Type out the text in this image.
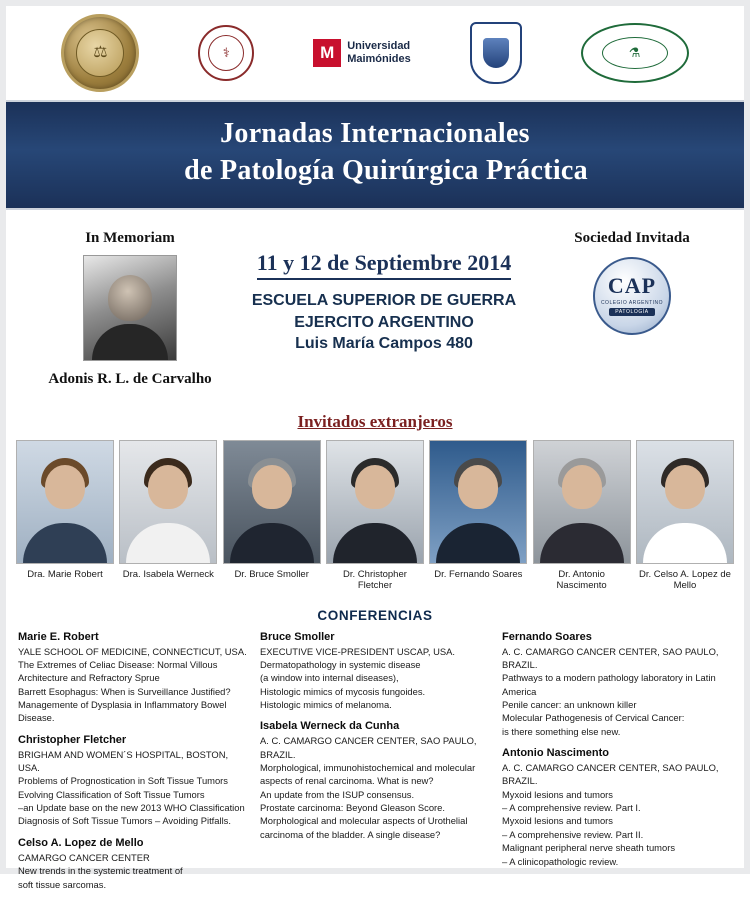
⚖	⚕	M	Universidad
Maimónides	⚗
Jornadas Internacionales
de Patología Quirúrgica Práctica
In Memoriam
Adonis R. L. de Carvalho
11 y 12 de Septiembre 2014
ESCUELA SUPERIOR DE GUERRA
EJERCITO ARGENTINO
Luis María Campos 480
Sociedad Invitada
CAP
COLEGIO ARGENTINO
PATOLOGÍA
Invitados extranjeros
Dra. Marie Robert	Dra. Isabela Werneck	Dr. Bruce Smoller	Dr. Christopher Fletcher
Dr. Fernando Soares	Dr. Antonio Nascimento
Dr. Celso A. Lopez de Mello
CONFERENCIAS
Marie E. Robert
YALE SCHOOL OF MEDICINE, CONNECTICUT, USA.
The Extremes of Celiac Disease: Normal Villous
Architecture and Refractory Sprue
Barrett Esophagus: When is Surveillance Justified?
Managemente of Dysplasia in Inflammatory Bowel Disease.
Christopher Fletcher
BRIGHAM AND WOMEN´S HOSPITAL, BOSTON, USA.
Problems of Prognostication in Soft Tissue Tumors
Evolving Classification of Soft Tissue Tumors
–an Update base on the new 2013 WHO Classification
Diagnosis of Soft Tissue Tumors – Avoiding Pitfalls.
Celso A. Lopez de Mello
CAMARGO CANCER CENTER
New trends in the systemic treatment of
soft tissue sarcomas.
Bruce Smoller
EXECUTIVE VICE-PRESIDENT USCAP, USA.
Dermatopathology in systemic disease
(a window into internal diseases),
Histologic mimics of mycosis fungoides.
Histologic mimics of melanoma.
Isabela Werneck da Cunha
A. C. CAMARGO CANCER CENTER, SAO PAULO, BRAZIL.
Morphological, immunohistochemical and molecular
aspects of renal carcinoma. What is new?
An update from the ISUP consensus.
Prostate carcinoma: Beyond Gleason Score.
Morphological and molecular aspects of Urothelial
carcinoma of the bladder. A single disease?
Fernando Soares
A. C. CAMARGO CANCER CENTER, SAO PAULO, BRAZIL.
Pathways to a modern pathology laboratory in Latin America
Penile cancer: an unknown killer
Molecular Pathogenesis of Cervical Cancer:
is there something else new.
Antonio Nascimento
A. C. CAMARGO CANCER CENTER, SAO PAULO, BRAZIL.
Myxoid lesions and tumors
– A comprehensive review. Part I.
Myxoid lesions and tumors
– A comprehensive review. Part II.
Malignant peripheral nerve sheath tumors
– A clinicopathologic review.
